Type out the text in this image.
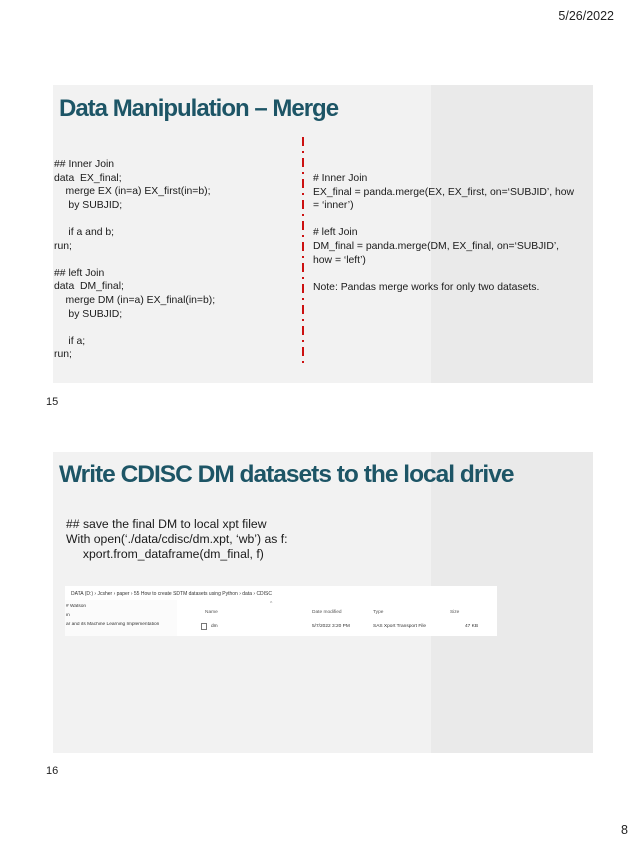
5/26/2022
Data Manipulation – Merge
## Inner Join
data  EX_final;
merge EX (in=a) EX_first(in=b);
by SUBJID;

if a and b;
run;

## left Join
data  DM_final;
merge DM (in=a) EX_final(in=b);
by SUBJID;

if a;
run;
# Inner Join
EX_final = panda.merge(EX, EX_first, on=‘SUBJID’, how = ‘inner’)

# left Join
DM_final = panda.merge(DM, EX_final, on=‘SUBJID’, how = ‘left’)

Note: Pandas merge works for only two datasets.
15
Write CDISC DM datasets to the local drive
## save the final DM to local xpt filew
With open(‘./data/cdisc/dm.xpt, ‘wb’) as f:
xport.from_dataframe(dm_final, f)
DATA (D:) › Jcsher › paper › 55 How to create SDTM datasets using Python › data › CDISC
# Watson
in
ar and its Machine Learning Implementation
^
Name	Date modified	Type	Size
dm	5/7/2022 3:20 PM	SAS Xport Transport File	47 KB
16
8
